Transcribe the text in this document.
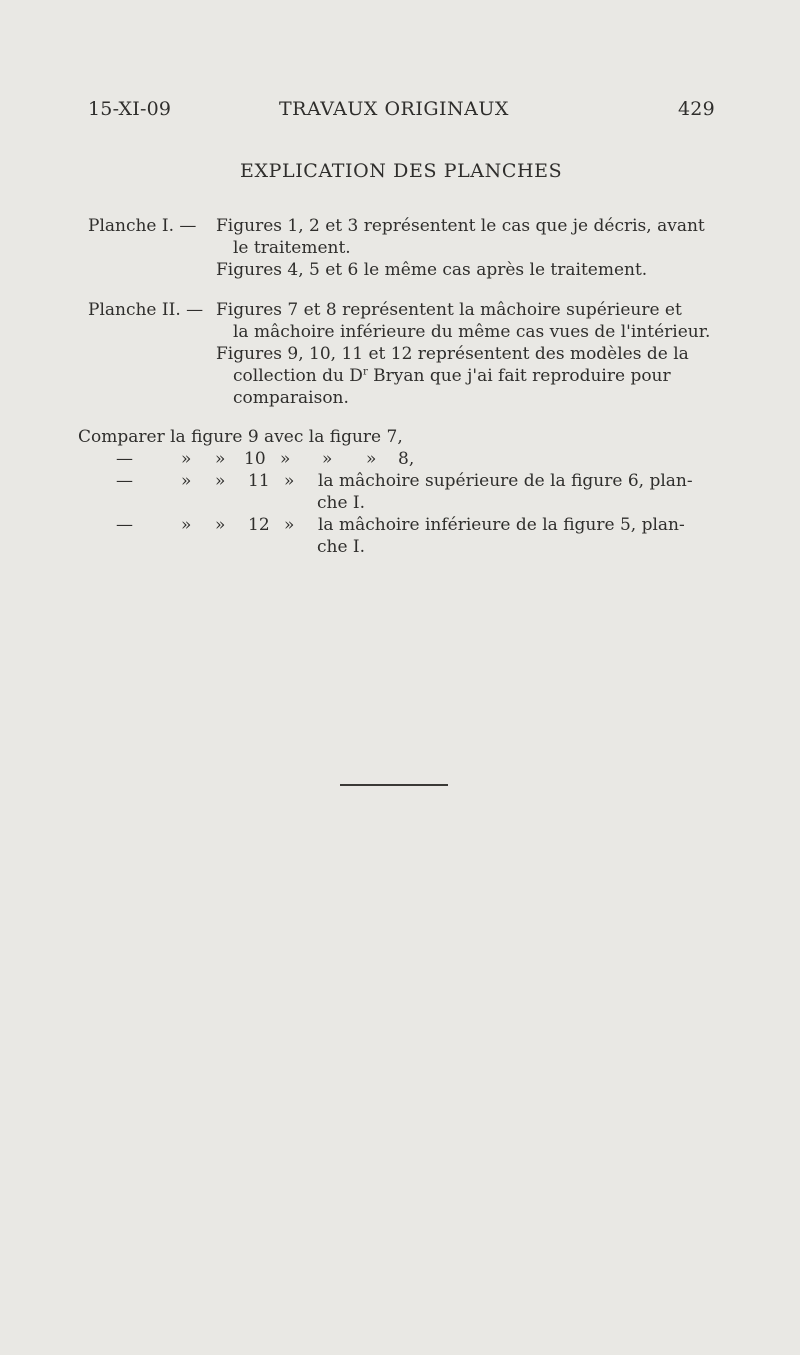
15-XI-09	TRAVAUX ORIGINAUX	429
EXPLICATION DES PLANCHES
Planche I. — Figures 1, 2 et 3 représentent le cas que je décris, avant
le traitement.
Figures 4, 5 et 6 le même cas après le traitement.
Planche II. — Figures 7 et 8 représentent la mâchoire supérieure et
la mâchoire inférieure du même cas vues de l'intérieur.
Figures 9, 10, 11 et 12 représentent des modèles de la
collection du $D^r$ Bryan que j'ai fait reproduire pour
comparaison.
Comparer la figure 9 avec la figure 7,
—	» » 10 » » » 8,
—	» » 11 » la mâchoire supérieure de la figure 6, plan-
che I.
—	» » 12 » la mâchoire inférieure de la figure 5, plan-
che I.
